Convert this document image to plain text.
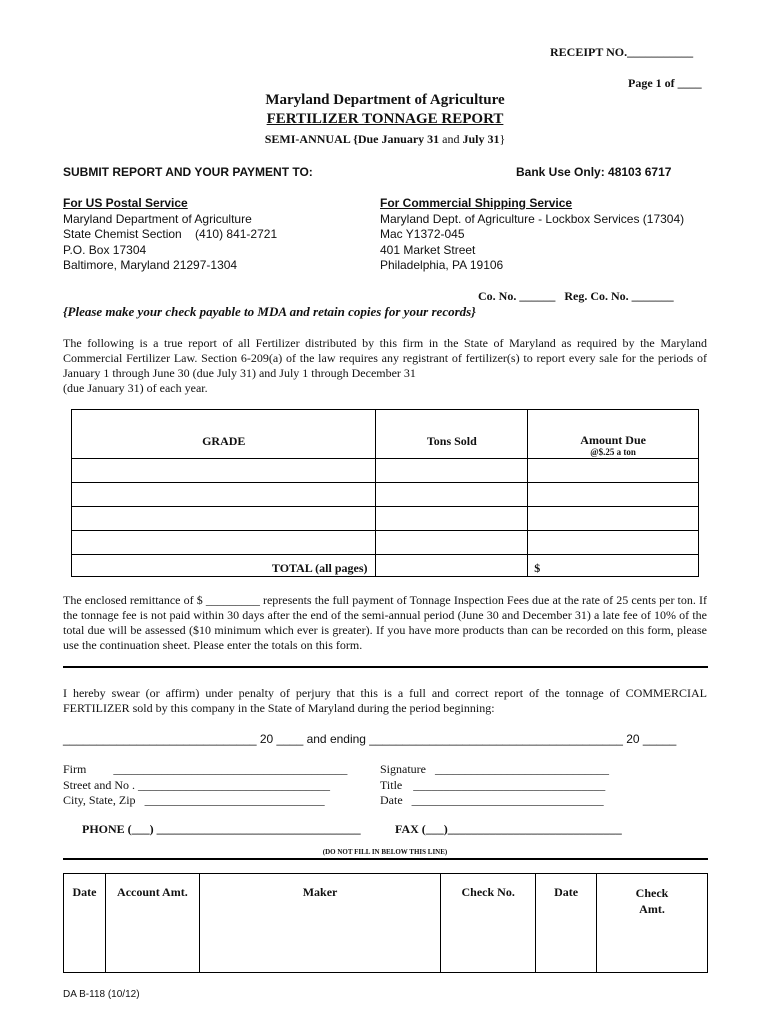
RECEIPT NO.___________
Page 1 of ____
Maryland Department of Agriculture
FERTILIZER TONNAGE REPORT
SEMI-ANNUAL {Due January 31 and July 31}
SUBMIT REPORT AND YOUR PAYMENT TO:	Bank Use Only: 48103 6717
For US Postal Service
Maryland Department of Agriculture
State Chemist Section    (410) 841-2721
P.O. Box 17304
Baltimore, Maryland 21297-1304
For Commercial Shipping Service
Maryland Dept. of Agriculture - Lockbox Services (17304)
Mac Y1372-045
401 Market Street
Philadelphia, PA 19106
Co. No. ______   Reg. Co. No. _______
{Please make your check payable to MDA and retain copies for your records}
The following is a true report of all Fertilizer distributed by this firm in the State of Maryland as required by the Maryland Commercial Fertilizer Law. Section 6-209(a) of the law requires any registrant of fertilizer(s) to report every sale for the periods of January 1 through June 30 (due July 31) and July 1 through December 31
(due January 31) of each year.
GRADE	Tons Sold	Amount Due
@$.25 a ton

TOTAL (all pages)		$
The enclosed remittance of $ _________ represents the full payment of Tonnage Inspection Fees due at the rate of 25 cents per ton. If the tonnage fee is not paid within 30 days after the end of the semi-annual period (June 30 and December 31) a late fee of 10% of the total due will be assessed ($10 minimum which ever is greater). If you have more products than can be recorded on this form, please use the continuation sheet. Please enter the totals on this form.
I hereby swear (or affirm) under penalty of perjury that this is a full and correct report of the tonnage of COMMERCIAL FERTILIZER sold by this company in the State of Maryland during the period beginning:
_____________________________ 20 ____ and ending ______________________________________ 20 _____
Firm _______________________________________
Street and No . ________________________________
City, State, Zip ______________________________
Signature _____________________________
Title ________________________________
Date ________________________________
PHONE (___) __________________________________	FAX (___)_____________________________
(DO NOT FILL IN BELOW THIS LINE)
Date	Account Amt.	Maker	Check No.	Date	Check Amt.
DA B-118 (10/12)
